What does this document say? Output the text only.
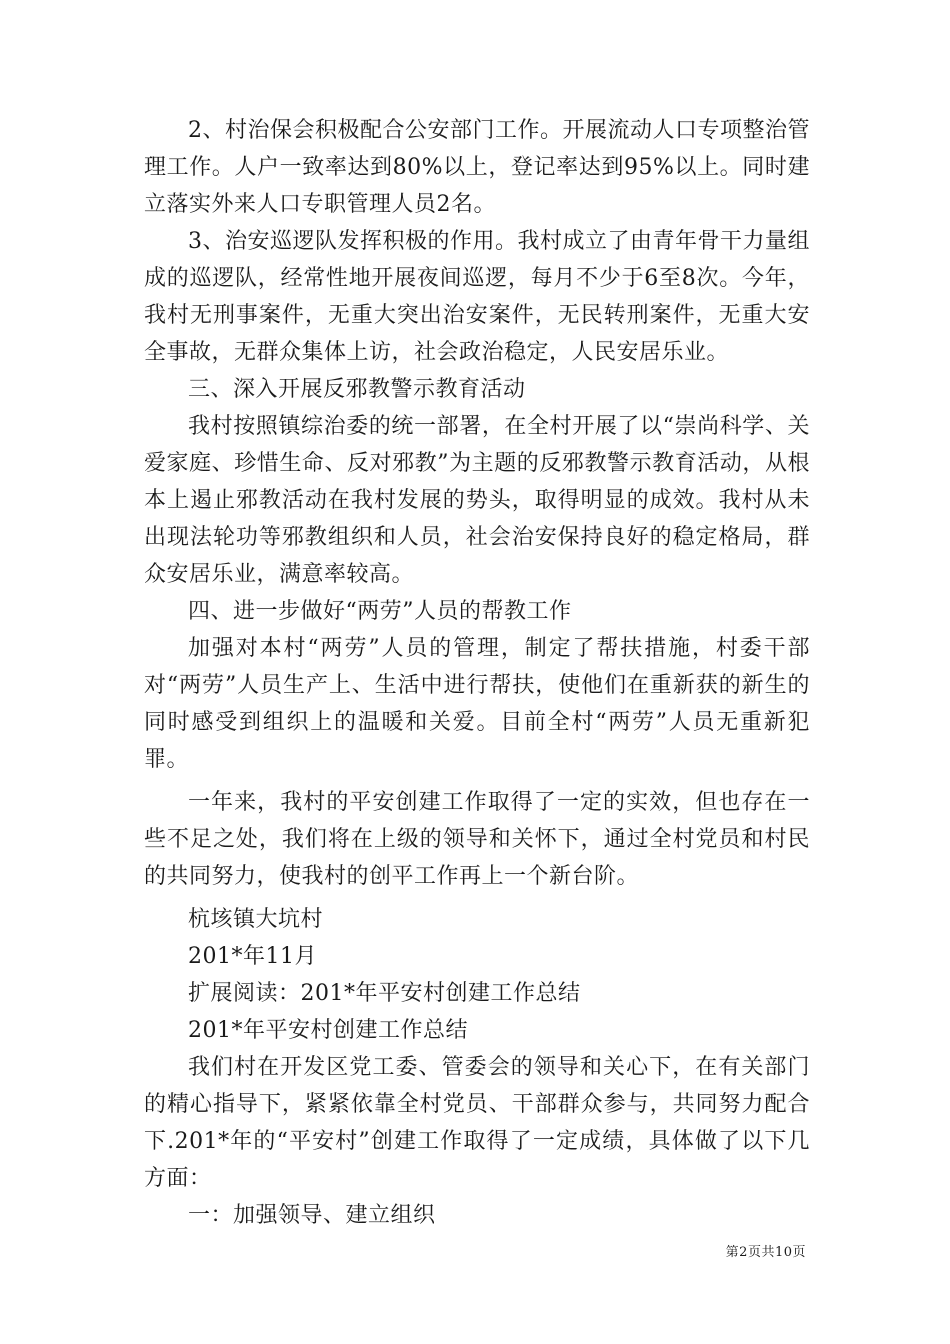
2、村治保会积极配合公安部门工作。开展流动人口专项整治管理工作。人户一致率达到80%以上，登记率达到95%以上。同时建立落实外来人口专职管理人员2名。

3、治安巡逻队发挥积极的作用。我村成立了由青年骨干力量组成的巡逻队，经常性地开展夜间巡逻，每月不少于6至8次。今年，我村无刑事案件，无重大突出治安案件，无民转刑案件，无重大安全事故，无群众集体上访，社会政治稳定，人民安居乐业。

三、深入开展反邪教警示教育活动

我村按照镇综治委的统一部署，在全村开展了以“崇尚科学、关爱家庭、珍惜生命、反对邪教”为主题的反邪教警示教育活动，从根本上遏止邪教活动在我村发展的势头，取得明显的成效。我村从未出现法轮功等邪教组织和人员，社会治安保持良好的稳定格局，群众安居乐业，满意率较高。

四、进一步做好“两劳”人员的帮教工作

加强对本村“两劳”人员的管理，制定了帮扶措施，村委干部对“两劳”人员生产上、生活中进行帮扶，使他们在重新获的新生的同时感受到组织上的温暖和关爱。目前全村“两劳”人员无重新犯罪。

一年来，我村的平安创建工作取得了一定的实效，但也存在一些不足之处，我们将在上级的领导和关怀下，通过全村党员和村民的共同努力，使我村的创平工作再上一个新台阶。

杭垓镇大坑村

201*年11月

扩展阅读：201*年平安村创建工作总结

201*年平安村创建工作总结

我们村在开发区党工委、管委会的领导和关心下，在有关部门的精心指导下，紧紧依靠全村党员、干部群众参与，共同努力配合下.201*年的“平安村”创建工作取得了一定成绩，具体做了以下几方面：

一：加强领导、建立组织

第2页共10页
